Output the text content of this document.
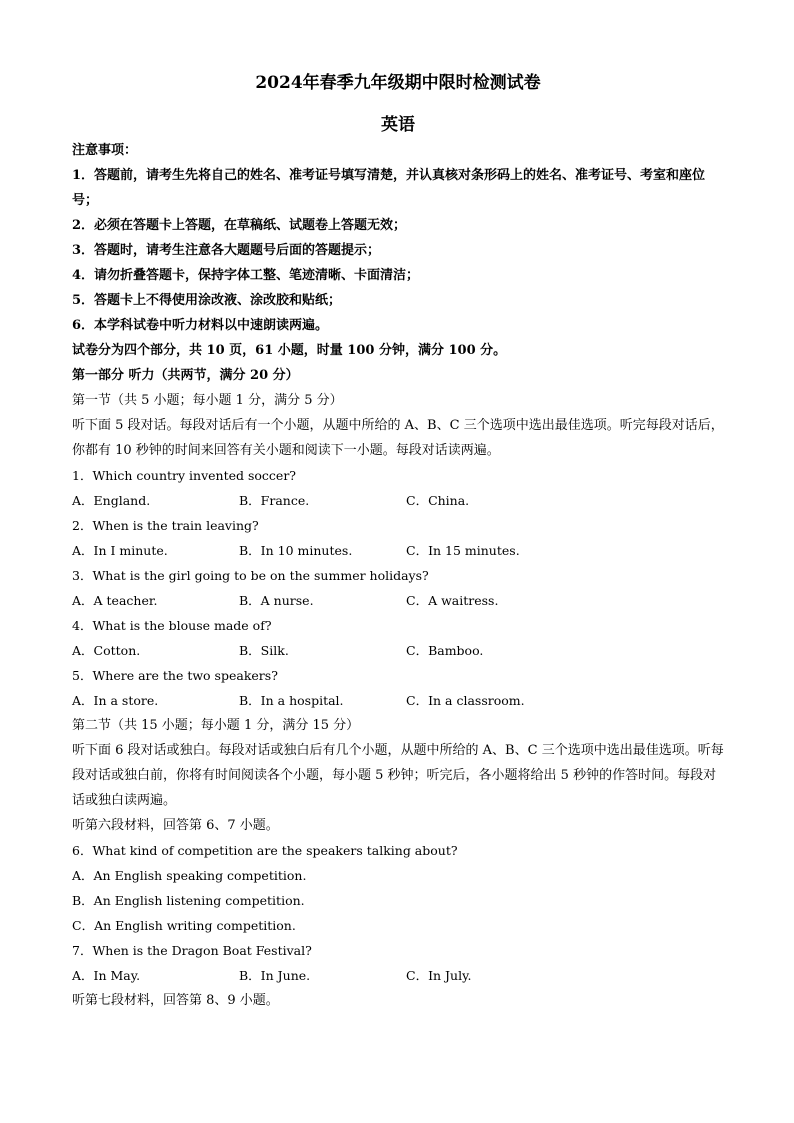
2024年春季九年级期中限时检测试卷
英语
注意事项：
1．答题前，请考生先将自己的姓名、准考证号填写清楚，并认真核对条形码上的姓名、准考证号、考室和座位号；
2．必须在答题卡上答题，在草稿纸、试题卷上答题无效；
3．答题时，请考生注意各大题题号后面的答题提示；
4．请勿折叠答题卡，保持字体工整、笔迹清晰、卡面清洁；
5．答题卡上不得使用涂改液、涂改胶和贴纸；
6．本学科试卷中听力材料以中速朗读两遍。
试卷分为四个部分，共 10 页，61 小题，时量 100 分钟，满分 100 分。
第一部分 听力（共两节，满分 20 分）
第一节（共 5 小题；每小题 1 分，满分 5 分）
听下面 5 段对话。每段对话后有一个小题，从题中所给的 A、B、C 三个选项中选出最佳选项。听完每段对话后，你都有 10 秒钟的时间来回答有关小题和阅读下一小题。每段对话读两遍。
1．Which country invented soccer?
A．England.	B．France.	C．China.
2．When is the train leaving?
A．In I minute.	B．In 10 minutes.	C．In 15 minutes.
3．What is the girl going to be on the summer holidays?
A．A teacher.	B．A nurse.	C．A waitress.
4．What is the blouse made of?
A．Cotton.	B．Silk.	C．Bamboo.
5．Where are the two speakers?
A．In a store.	B．In a hospital.	C．In a classroom.
第二节（共 15 小题；每小题 1 分，满分 15 分）
听下面 6 段对话或独白。每段对话或独白后有几个小题，从题中所给的 A、B、C 三个选项中选出最佳选项。听每段对话或独白前，你将有时间阅读各个小题，每小题 5 秒钟；听完后，各小题将给出 5 秒钟的作答时间。每段对话或独白读两遍。
听第六段材料，回答第 6、7 小题。
6．What kind of competition are the speakers talking about?
A．An English speaking competition.
B．An English listening competition.
C．An English writing competition.
7．When is the Dragon Boat Festival?
A．In May.	B．In June.	C．In July.
听第七段材料，回答第 8、9 小题。
